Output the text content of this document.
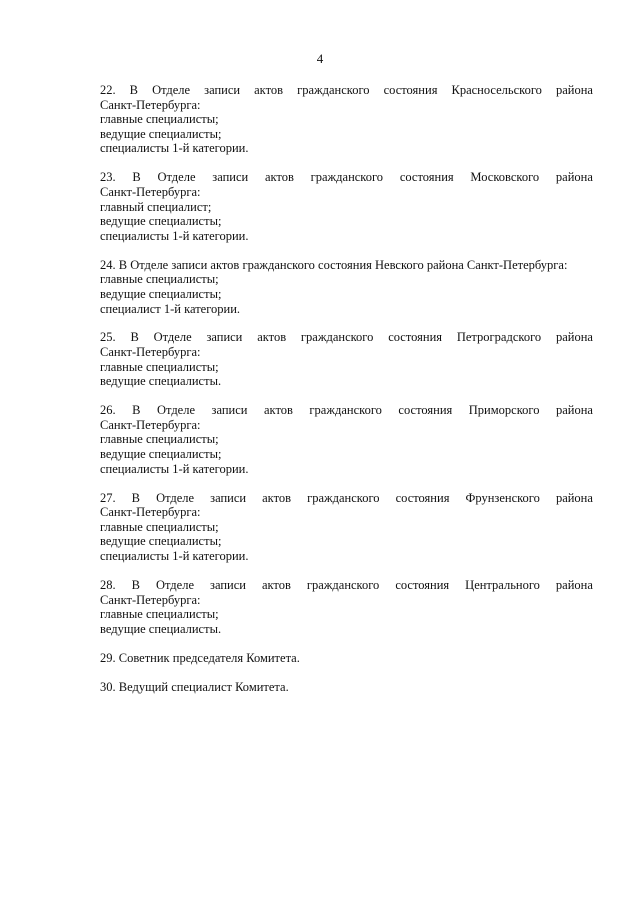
4
22. В Отделе записи актов гражданского состояния Красносельского района
Санкт-Петербурга:
главные специалисты;
ведущие специалисты;
специалисты 1-й категории.
23. В Отделе записи актов гражданского состояния Московского района
Санкт-Петербурга:
главный специалист;
ведущие специалисты;
специалисты 1-й категории.
24. В Отделе записи актов гражданского состояния Невского района Санкт-Петербурга:
главные специалисты;
ведущие специалисты;
специалист 1-й категории.
25. В Отделе записи актов гражданского состояния Петроградского района
Санкт-Петербурга:
главные специалисты;
ведущие специалисты.
26. В Отделе записи актов гражданского состояния Приморского района
Санкт-Петербурга:
главные специалисты;
ведущие специалисты;
специалисты 1-й категории.
27. В Отделе записи актов гражданского состояния Фрунзенского района
Санкт-Петербурга:
главные специалисты;
ведущие специалисты;
специалисты 1-й категории.
28. В Отделе записи актов гражданского состояния Центрального района
Санкт-Петербурга:
главные специалисты;
ведущие специалисты.
29. Советник председателя Комитета.
30. Ведущий специалист Комитета.
